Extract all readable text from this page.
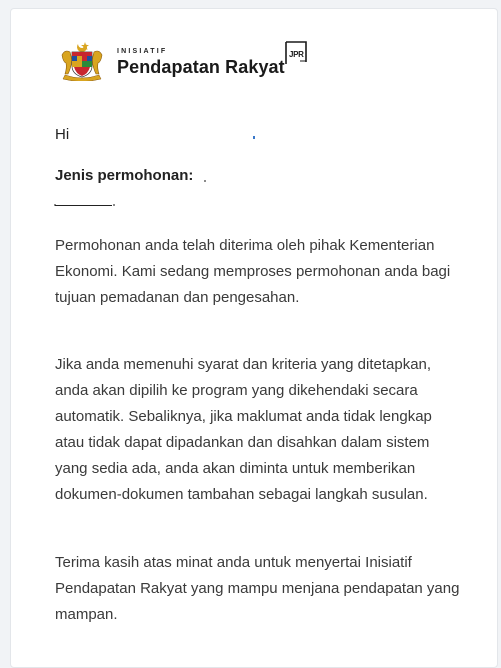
INISIATIF
Pendapatan Rakyat
JPR
Hi
Jenis permohonan:

Permohonan anda telah diterima oleh pihak Kementerian Ekonomi. Kami sedang memproses permohonan anda bagi tujuan pemadanan dan pengesahan.

Jika anda memenuhi syarat dan kriteria yang ditetapkan, anda akan dipilih ke program yang dikehendaki secara automatik. Sebaliknya, jika maklumat anda tidak lengkap atau tidak dapat dipadankan dan disahkan dalam sistem yang sedia ada, anda akan diminta untuk memberikan dokumen-dokumen tambahan sebagai langkah susulan.

Terima kasih atas minat anda untuk menyertai Inisiatif Pendapatan Rakyat yang mampu menjana pendapatan yang mampan.
